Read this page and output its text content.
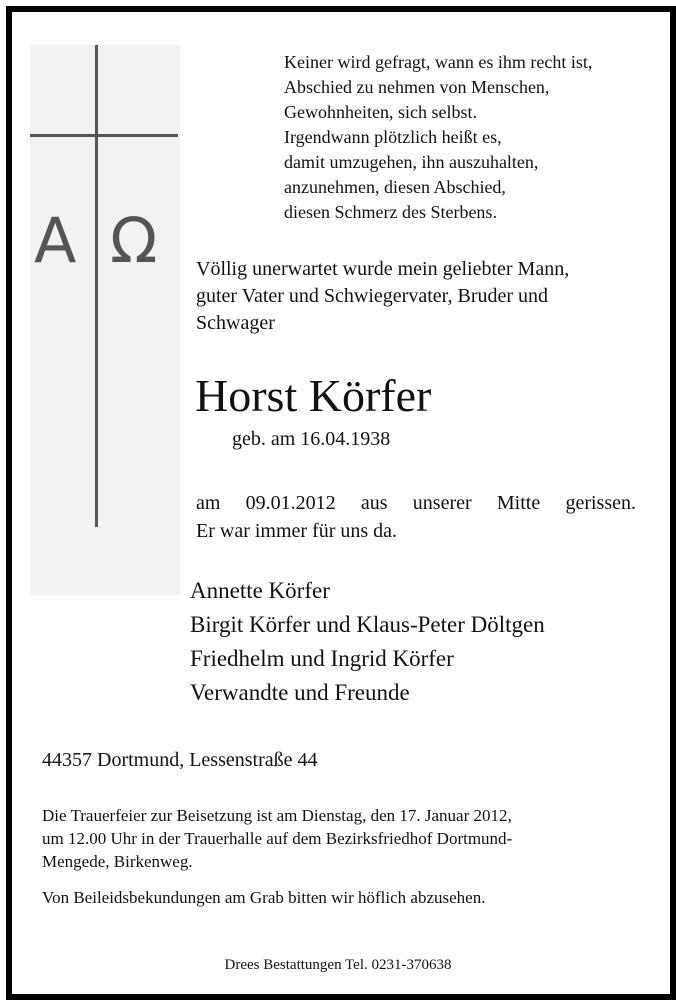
A Ω
Keiner wird gefragt, wann es ihm recht ist,
Abschied zu nehmen von Menschen,
Gewohnheiten, sich selbst.
Irgendwann plötzlich heißt es,
damit umzugehen, ihn auszuhalten,
anzunehmen, diesen Abschied,
diesen Schmerz des Sterbens.
Völlig unerwartet wurde mein geliebter Mann,
guter Vater und Schwiegervater, Bruder und
Schwager
Horst Körfer
geb. am 16.04.1938
am 09.01.2012 aus unserer Mitte gerissen.
Er war immer für uns da.
Annette Körfer
Birgit Körfer und Klaus-Peter Döltgen
Friedhelm und Ingrid Körfer
Verwandte und Freunde
44357 Dortmund, Lessenstraße 44
Die Trauerfeier zur Beisetzung ist am Dienstag, den 17. Januar 2012,
um 12.00 Uhr in der Trauerhalle auf dem Bezirksfriedhof Dortmund-
Mengede, Birkenweg.
Von Beileidsbekundungen am Grab bitten wir höflich abzusehen.
Drees Bestattungen Tel. 0231-370638
